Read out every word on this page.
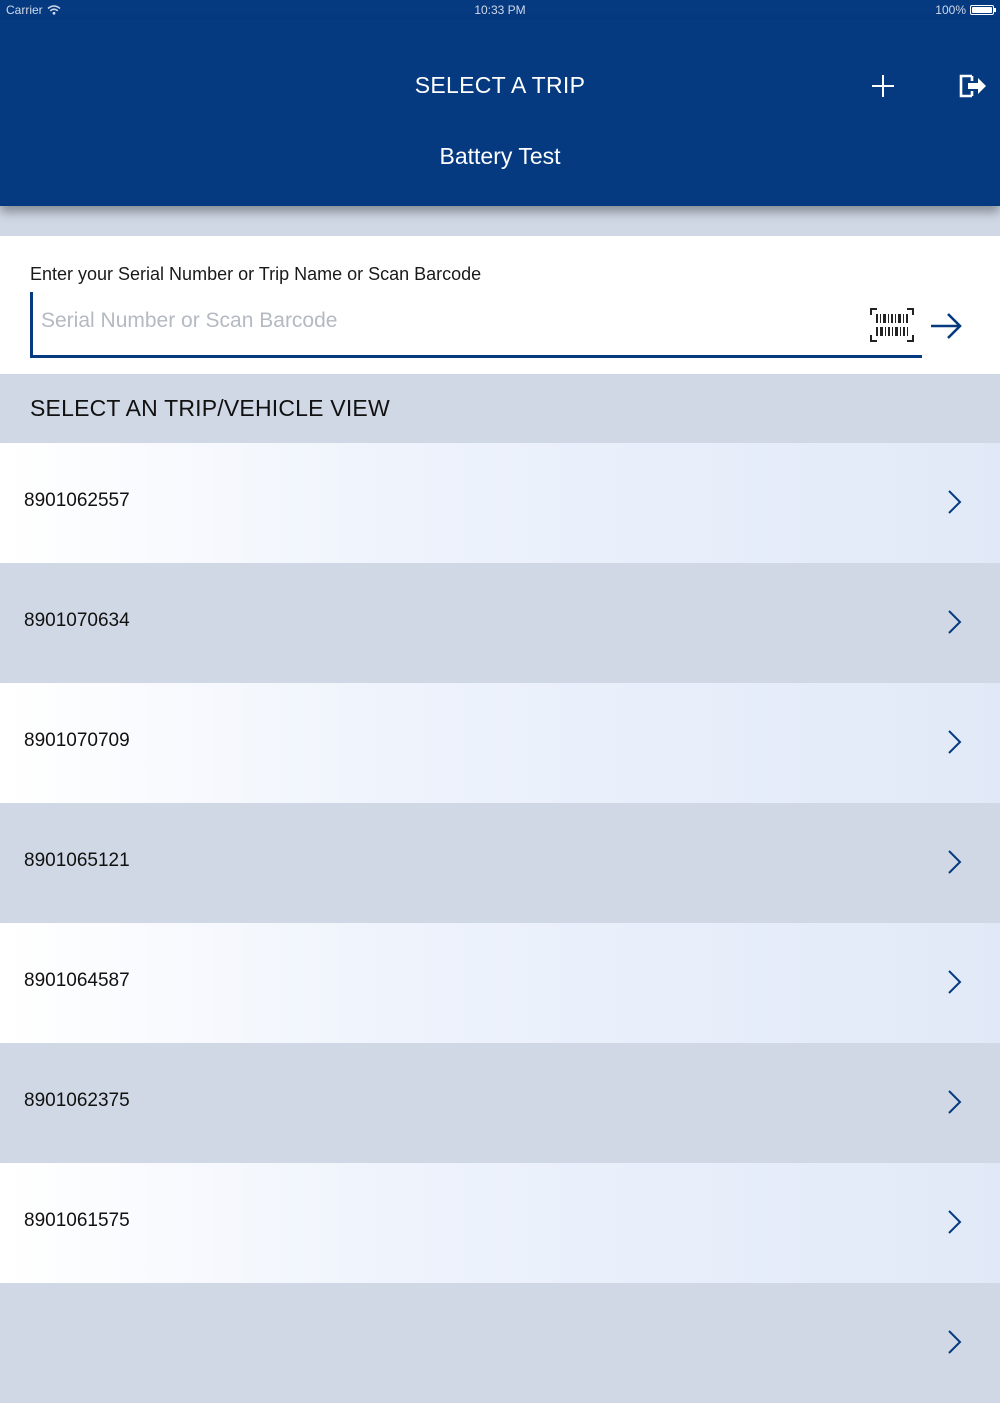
Carrier	10:33 PM	100%
SELECT A TRIP
Battery Test
Enter your Serial Number or Trip Name or Scan Barcode
Serial Number or Scan Barcode
SELECT AN TRIP/VEHICLE VIEW
8901062557
8901070634
8901070709
8901065121
8901064587
8901062375
8901061575
